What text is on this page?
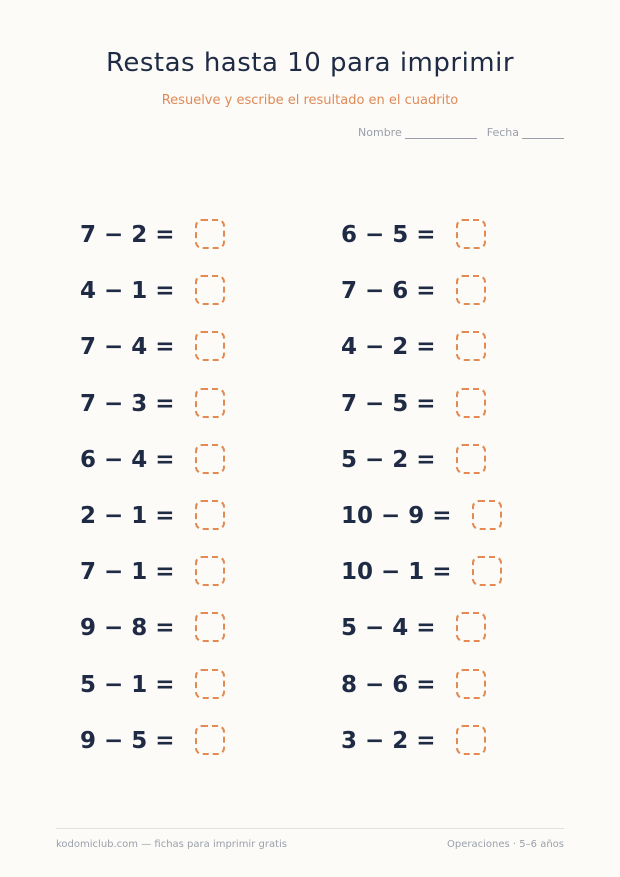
Restas hasta 10 para imprimir
Resuelve y escribe el resultado en el cuadrito
Nombre	Fecha
7 − 2 =
4 − 1 =
7 − 4 =
7 − 3 =
6 − 4 =
2 − 1 =
7 − 1 =
9 − 8 =
5 − 1 =
9 − 5 =
6 − 5 =
7 − 6 =
4 − 2 =
7 − 5 =
5 − 2 =
10 − 9 =
10 − 1 =
5 − 4 =
8 − 6 =
3 − 2 =
kodomiclub.com — fichas para imprimir gratis	Operaciones · 5–6 años
